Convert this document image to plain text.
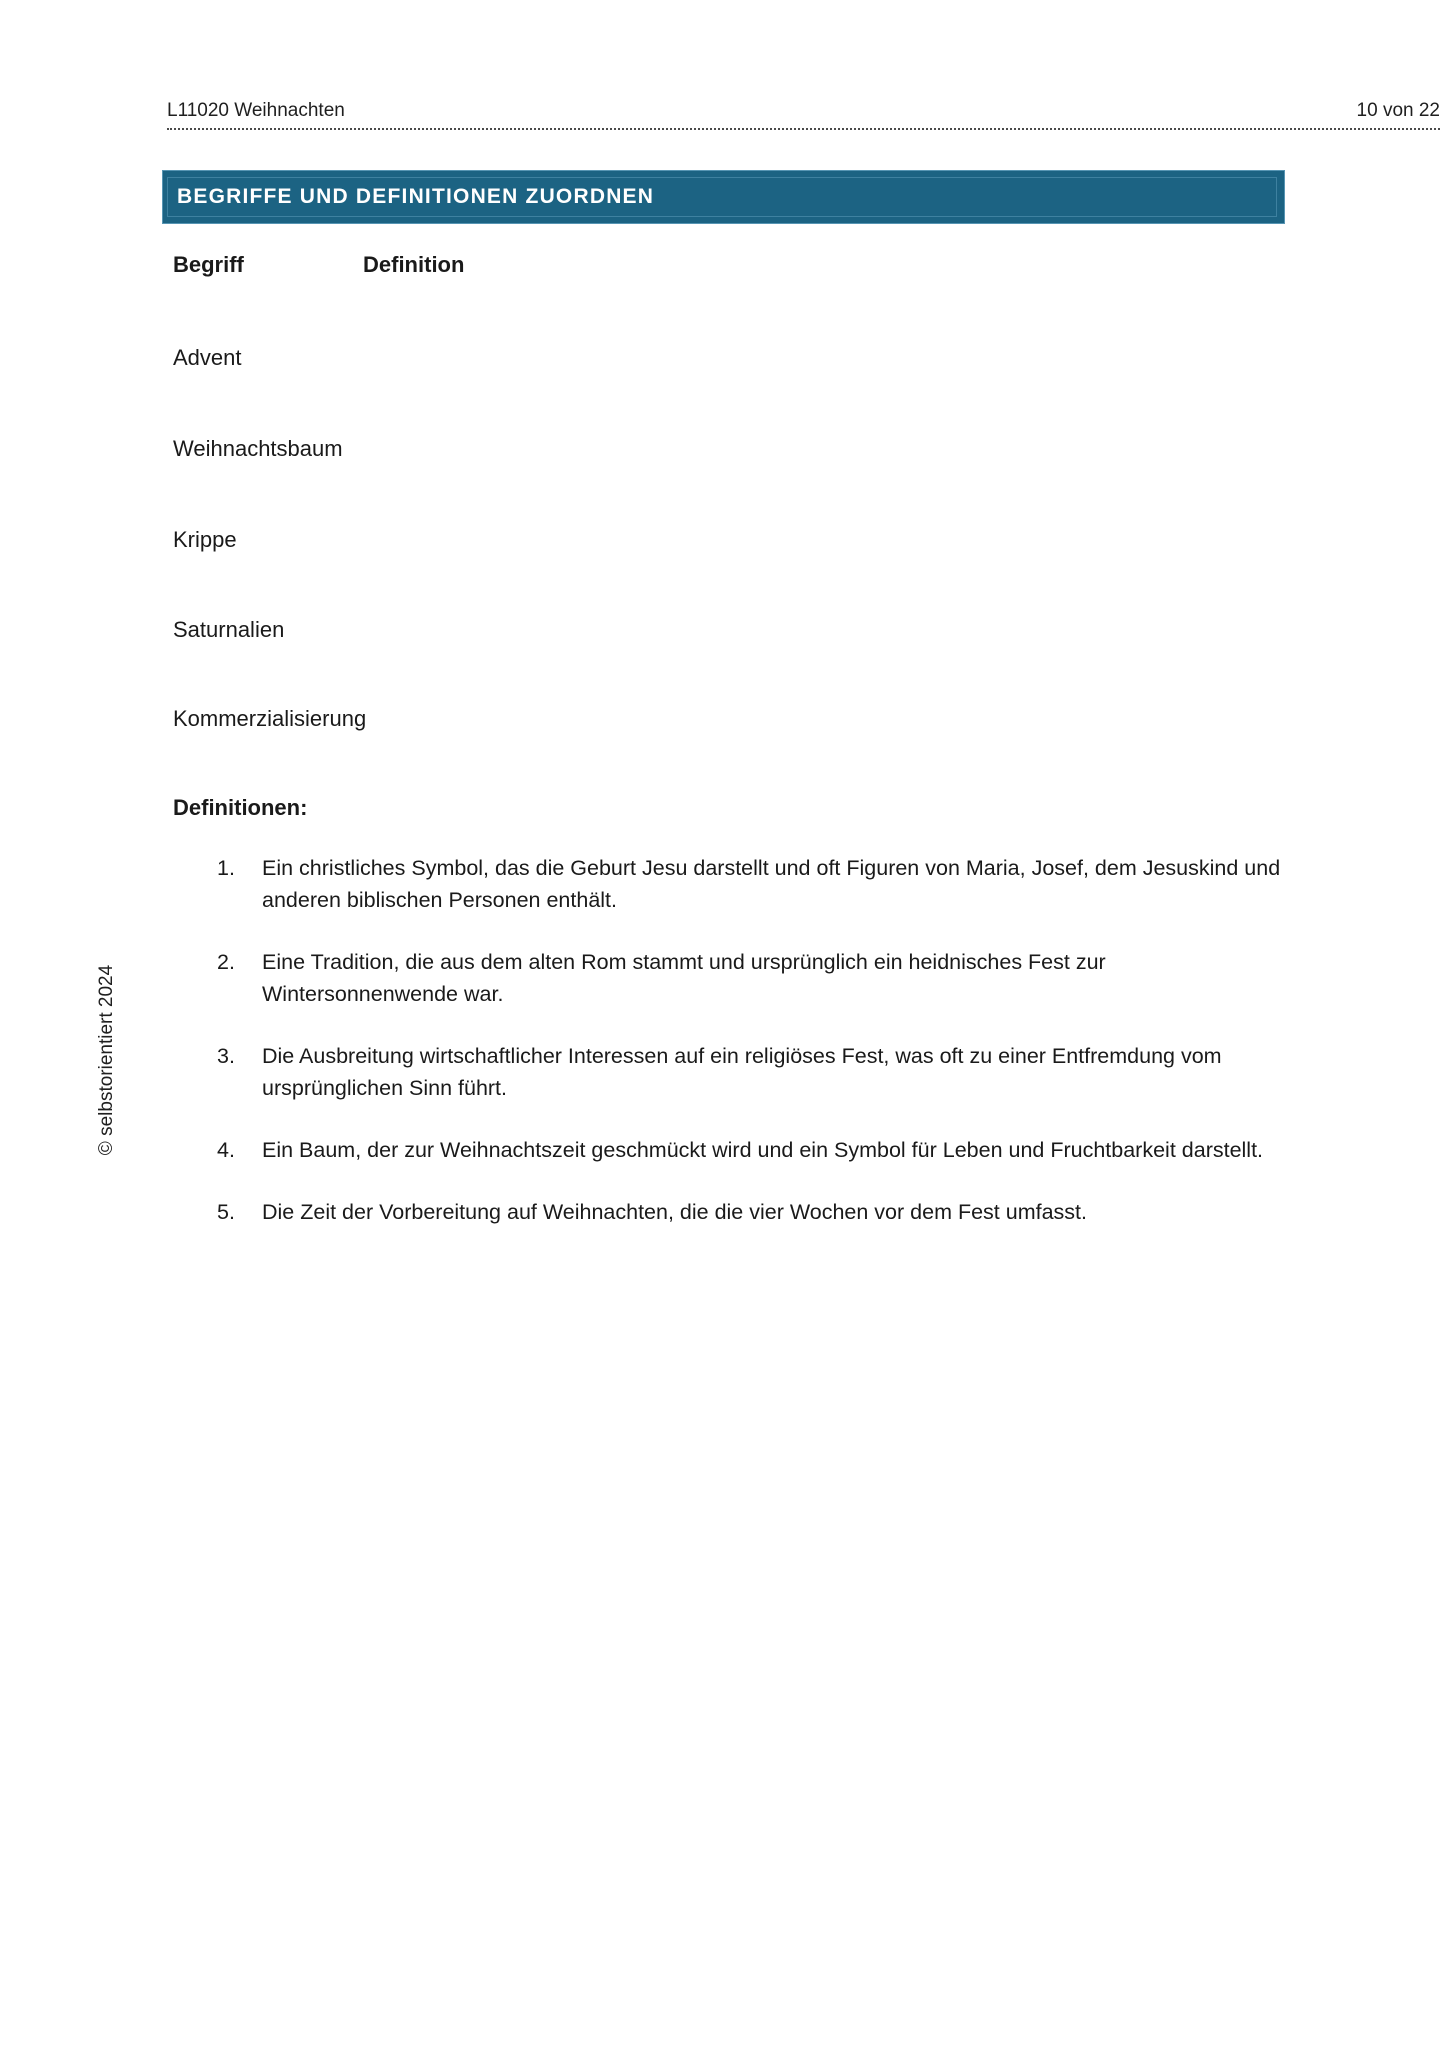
L11020 Weihnachten	10 von 22
BEGRIFFE UND DEFINITIONEN ZUORDNEN
Begriff	Definition
Advent
Weihnachtsbaum
Krippe
Saturnalien
Kommerzialisierung
Definitionen:
1.	Ein christliches Symbol, das die Geburt Jesu darstellt und oft Figuren von Maria, Josef, dem Jesuskind und anderen biblischen Personen enthält.
2.	Eine Tradition, die aus dem alten Rom stammt und ursprünglich ein heidnisches Fest zur Wintersonnenwende war.
3.	Die Ausbreitung wirtschaftlicher Interessen auf ein religiöses Fest, was oft zu einer Entfremdung vom ursprünglichen Sinn führt.
4.	Ein Baum, der zur Weihnachtszeit geschmückt wird und ein Symbol für Leben und Fruchtbarkeit darstellt.
5.	Die Zeit der Vorbereitung auf Weihnachten, die die vier Wochen vor dem Fest umfasst.
© selbstorientiert 2024
